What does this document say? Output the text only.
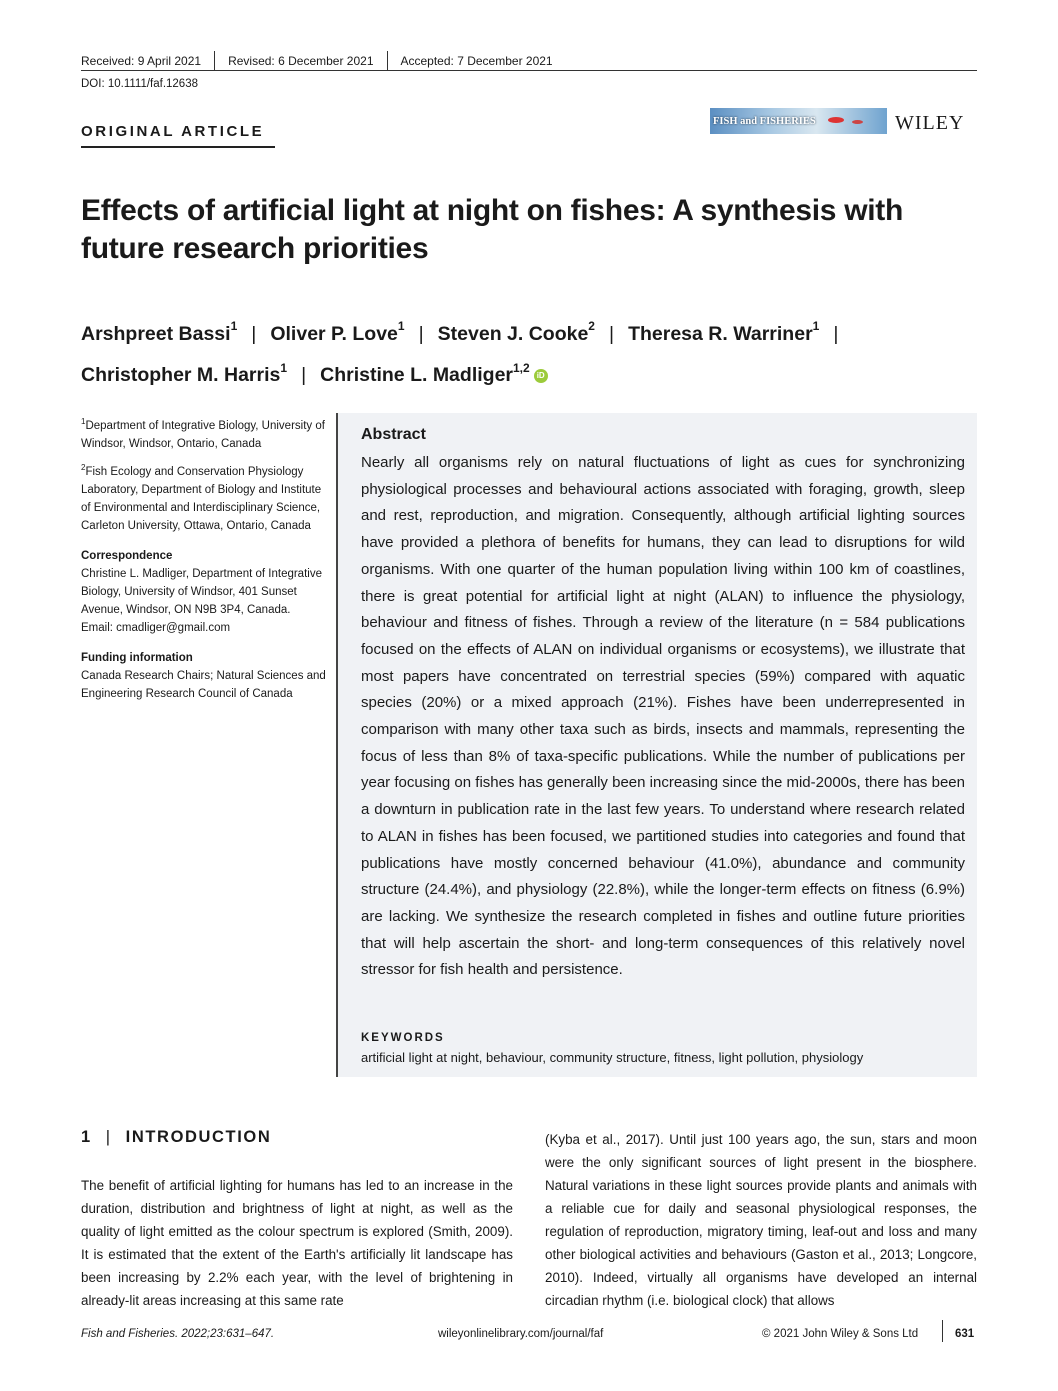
Received: 9 April 2021 Revised: 6 December 2021 Accepted: 7 December 2021
DOI: 10.1111/faf.12638
ORIGINAL ARTICLE
FISH and FISHERIES	WILEY
Effects of artificial light at night on fishes: A synthesis with future research priorities
Arshpreet Bassi$^1$ | Oliver P. Love$^1$ | Steven J. Cooke$^2$ | Theresa R. Warriner$^1$ |
Christopher M. Harris$^1$ | Christine L. Madliger$^{1,2}$iD

$^1$Department of Integrative Biology, University of Windsor, Windsor, Ontario, Canada

$^2$Fish Ecology and Conservation Physiology Laboratory, Department of Biology and Institute of Environmental and Interdisciplinary Science, Carleton University, Ottawa, Ontario, Canada

Correspondence

Christine L. Madliger, Department of Integrative Biology, University of Windsor, 401 Sunset Avenue, Windsor, ON N9B 3P4, Canada.

Email: cmadliger@gmail.com

Funding information

Canada Research Chairs; Natural Sciences and Engineering Research Council of Canada

Abstract
Nearly all organisms rely on natural fluctuations of light as cues for synchronizing physiological processes and behavioural actions associated with foraging, growth, sleep and rest, reproduction, and migration. Consequently, although artificial lighting sources have provided a plethora of benefits for humans, they can lead to disruptions for wild organisms. With one quarter of the human population living within 100 km of coastlines, there is great potential for artificial light at night (ALAN) to influence the physiology, behaviour and fitness of fishes. Through a review of the literature (n = 584 publications focused on the effects of ALAN on individual organisms or ecosystems), we illustrate that most papers have concentrated on terrestrial species (59%) compared with aquatic species (20%) or a mixed approach (21%). Fishes have been underrepresented in comparison with many other taxa such as birds, insects and mammals, representing the focus of less than 8% of taxa-specific publications. While the number of publications per year focusing on fishes has generally been increasing since the mid-2000s, there has been a downturn in publication rate in the last few years. To understand where research related to ALAN in fishes has been focused, we partitioned studies into categories and found that publications have mostly concerned behaviour (41.0%), abundance and community structure (24.4%), and physiology (22.8%), while the longer-term effects on fitness (6.9%) are lacking. We synthesize the research completed in fishes and outline future priorities that will help ascertain the short- and long-term consequences of this relatively novel stressor for fish health and persistence.
KEYWORDS
artificial light at night, behaviour, community structure, fitness, light pollution, physiology
1 | INTRODUCTION
The benefit of artificial lighting for humans has led to an increase in the duration, distribution and brightness of light at night, as well as the quality of light emitted as the colour spectrum is explored (Smith, 2009). It is estimated that the extent of the Earth's artificially lit landscape has been increasing by 2.2% each year, with the level of brightening in already-lit areas increasing at this same rate
(Kyba et al., 2017). Until just 100 years ago, the sun, stars and moon were the only significant sources of light present in the biosphere. Natural variations in these light sources provide plants and animals with a reliable cue for daily and seasonal physiological responses, the regulation of reproduction, migratory timing, leaf-out and loss and many other biological activities and behaviours (Gaston et al., 2013; Longcore, 2010). Indeed, virtually all organisms have developed an internal circadian rhythm (i.e. biological clock) that allows
Fish and Fisheries. 2022;23:631–647.	wileyonlinelibrary.com/journal/faf	© 2021 John Wiley & Sons Ltd	631
